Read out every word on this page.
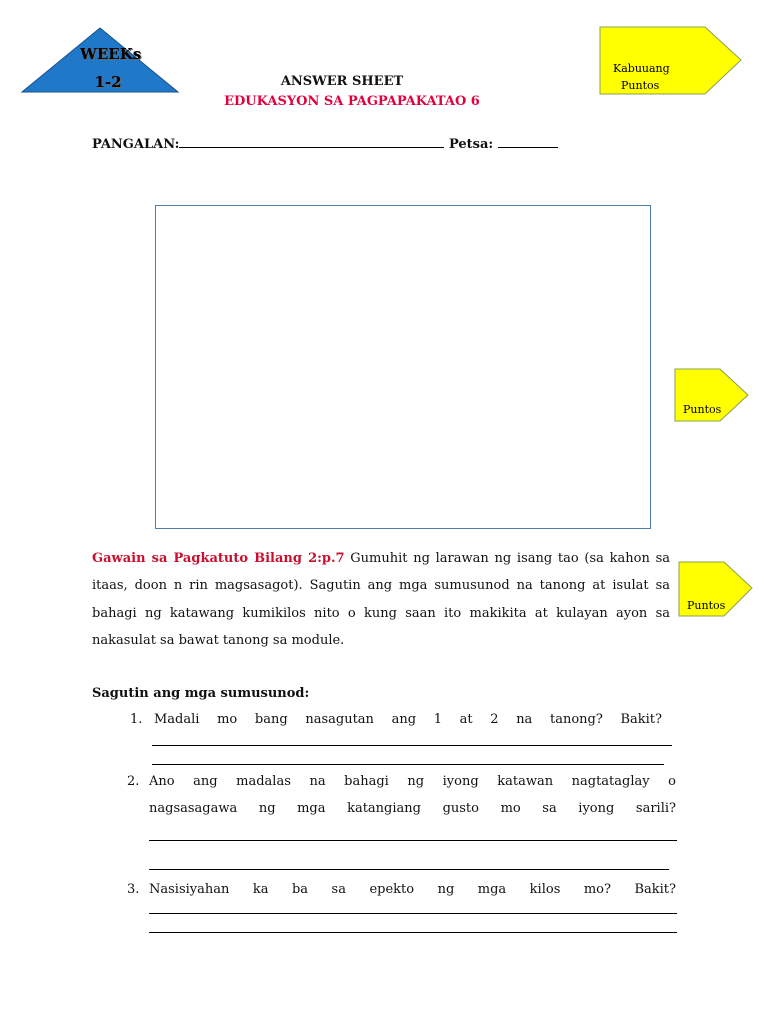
WEEKs
1-2
Kabuuang
Puntos
ANSWER SHEET
EDUKASYON SA PAGPAPAKATAO 6
PANGALAN:	Petsa:
Puntos
Puntos
Gawain sa Pagkatuto Bilang 2:p.7 Gumuhit ng larawan ng isang tao (sa kahon sa itaas, doon n rin magsasagot). Sagutin ang mga sumusunod na tanong at isulat sa bahagi ng katawang kumikilos nito o kung saan ito makikita at kulayan ayon sa nakasulat sa bawat tanong sa module.
Sagutin ang mga sumusunod:
1. Madali mo bang nasagutan ang 1 at 2 na tanong? Bakit?
2. Ano ang madalas na bahagi ng iyong katawan nagtataglay o
nagsasagawa ng mga katangiang gusto mo sa iyong sarili?
3. Nasisiyahan ka ba sa epekto ng mga kilos mo? Bakit?
